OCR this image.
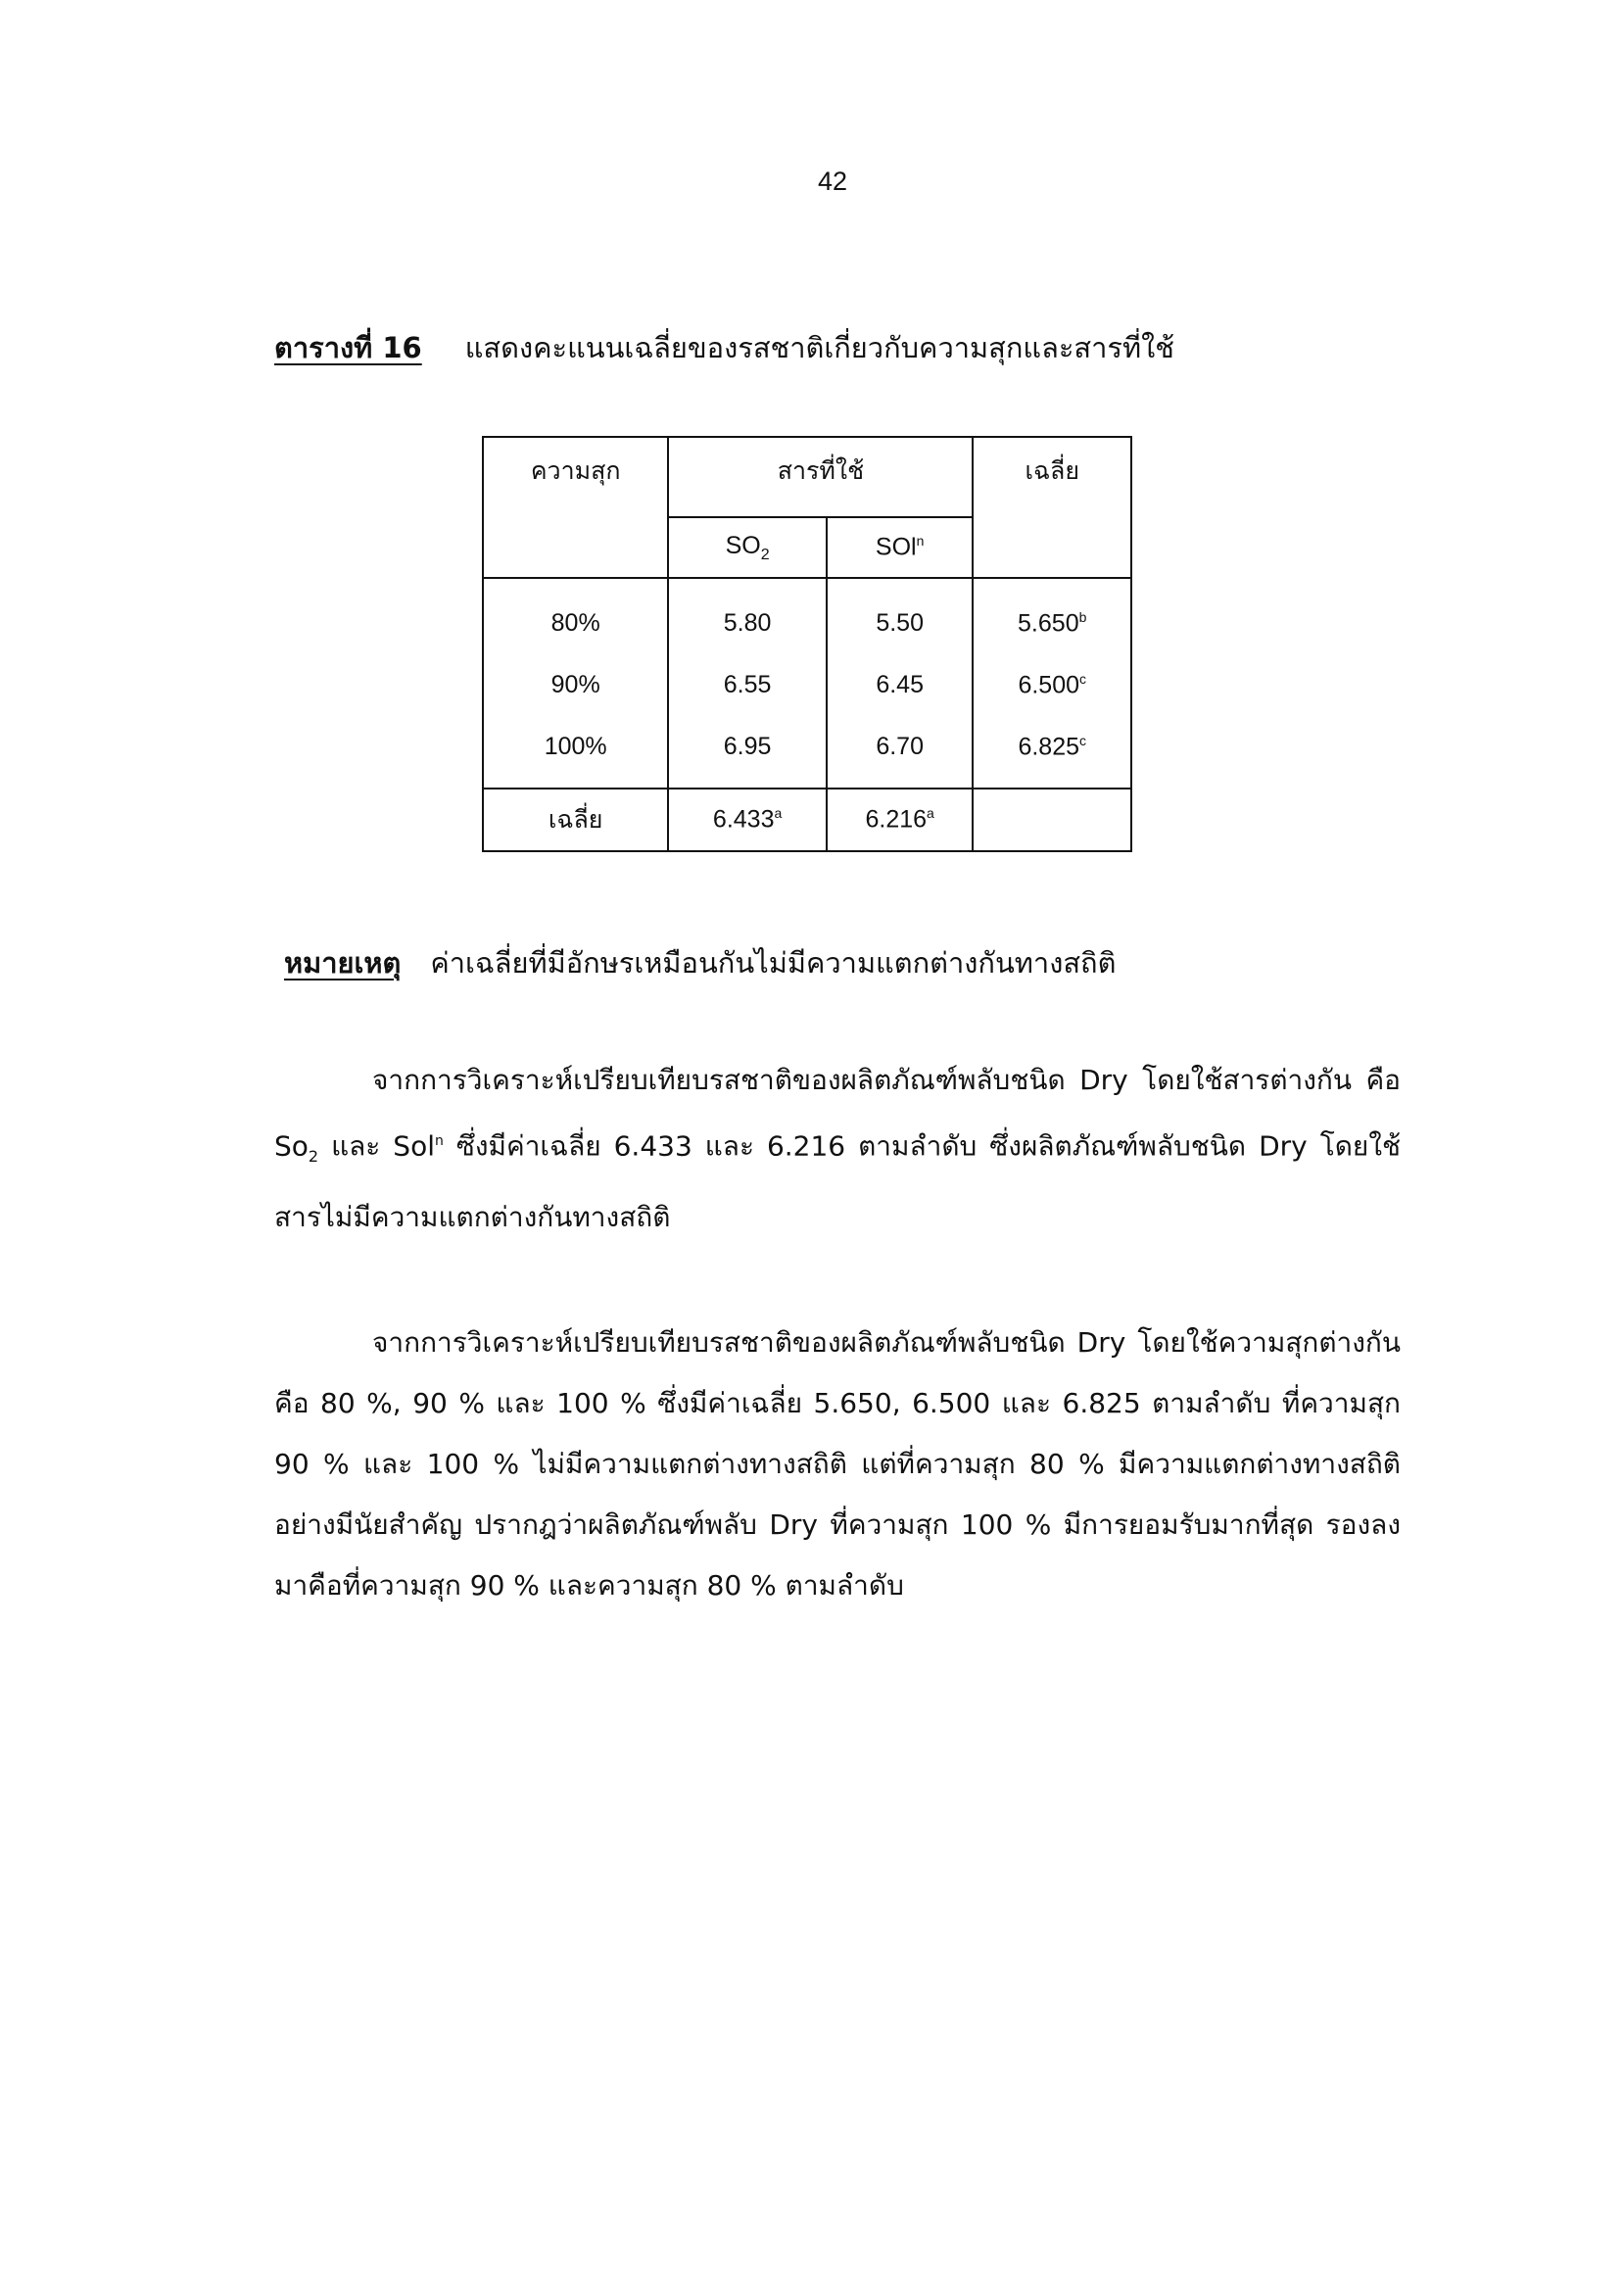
42
ตารางที่ 16 แสดงคะแนนเฉลี่ยของรสชาติเกี่ยวกับความสุกและสารที่ใช้
ความสุก	สารที่ใช้		เฉลี่ย
	$SO_2$	SOl$^n$
80%	5.80	5.50	5.650$^b$
90%	6.55	6.45	6.500$^c$
100%	6.95	6.70	6.825$^c$
เฉลี่ย	6.433$^a$	6.216$^a$	
หมายเหตุ ค่าเฉลี่ยที่มีอักษรเหมือนกันไม่มีความแตกต่างกันทางสถิติ
จากการวิเคราะห์เปรียบเทียบรสชาติของผลิตภัณฑ์พลับชนิด Dry โดยใช้สารต่างกัน คือ $So_2$ และ Sol$^n$ ซึ่งมีค่าเฉลี่ย 6.433 และ 6.216 ตามลำดับ ซึ่งผลิตภัณฑ์พลับชนิด Dry โดยใช้สารไม่มีความแตกต่างกันทางสถิติ
จากการวิเคราะห์เปรียบเทียบรสชาติของผลิตภัณฑ์พลับชนิด Dry โดยใช้ความสุกต่างกัน คือ 80 %, 90 % และ 100 % ซึ่งมีค่าเฉลี่ย 5.650, 6.500 และ 6.825 ตามลำดับ ที่ความสุก 90 % และ 100 % ไม่มีความแตกต่างทางสถิติ แต่ที่ความสุก 80 % มีความแตกต่างทางสถิติอย่างมีนัยสำคัญ ปรากฎว่าผลิตภัณฑ์พลับ Dry ที่ความสุก 100 % มีการยอมรับมากที่สุด รองลงมาคือที่ความสุก 90 % และความสุก 80 % ตามลำดับ
